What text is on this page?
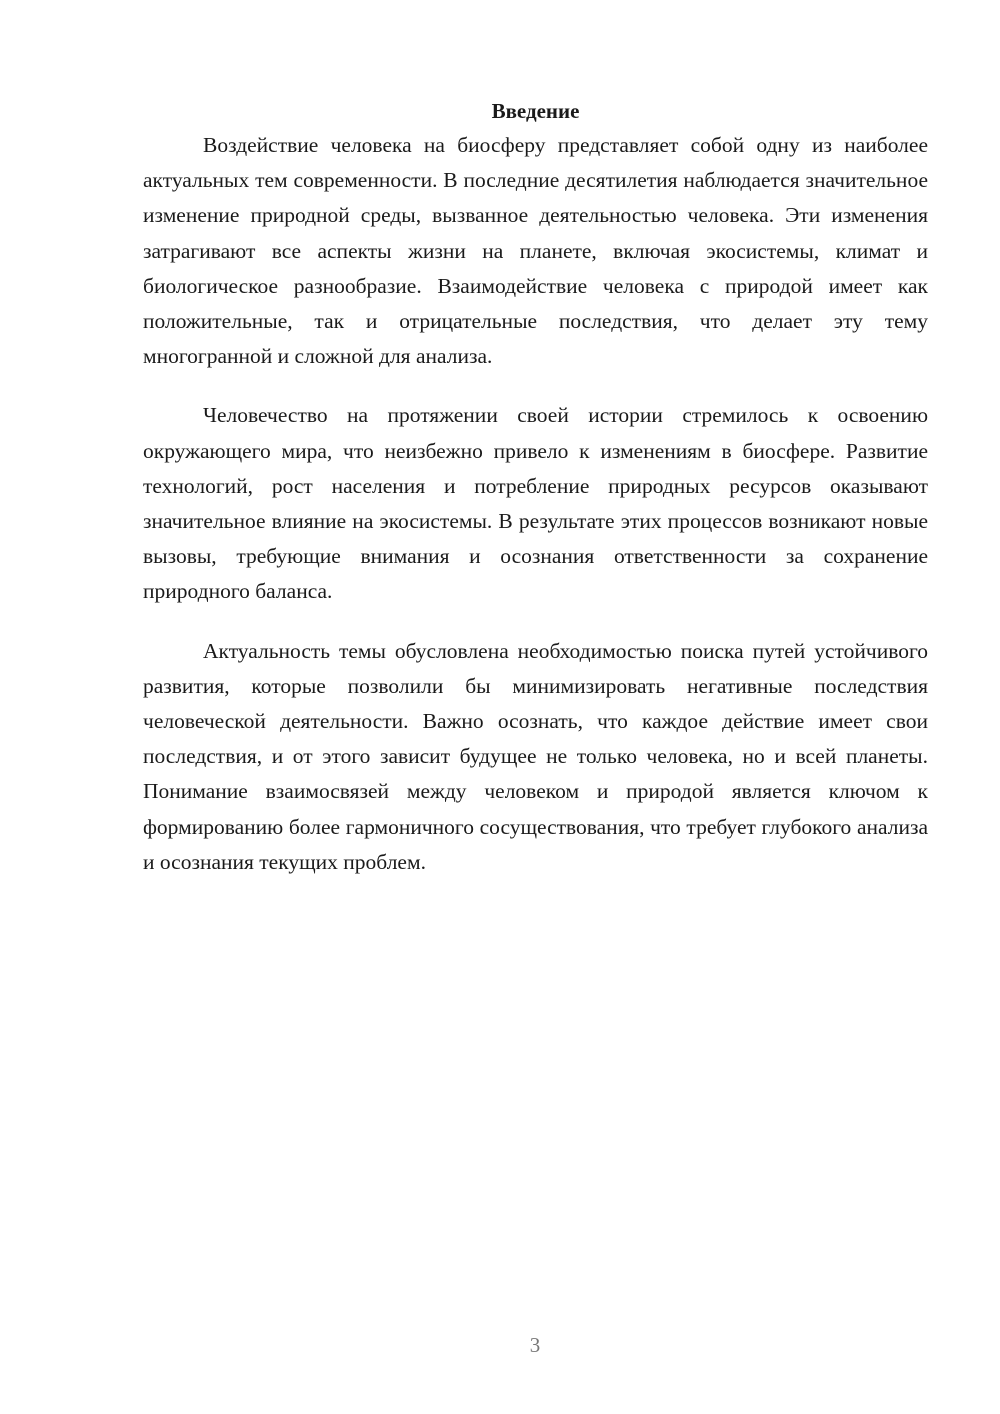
Введение

Воздействие человека на биосферу представляет собой одну из наиболее актуальных тем современности. В последние десятилетия наблюдается значительное изменение природной среды, вызванное деятельностью человека. Эти изменения затрагивают все аспекты жизни на планете, включая экосистемы, климат и биологическое разнообразие. Взаимодействие человека с природой имеет как положительные, так и отрицательные последствия, что делает эту тему многогранной и сложной для анализа.

Человечество на протяжении своей истории стремилось к освоению окружающего мира, что неизбежно привело к изменениям в биосфере. Развитие технологий, рост населения и потребление природных ресурсов оказывают значительное влияние на экосистемы. В результате этих процессов возникают новые вызовы, требующие внимания и осознания ответственности за сохранение природного баланса.

Актуальность темы обусловлена необходимостью поиска путей устойчивого развития, которые позволили бы минимизировать негативные последствия человеческой деятельности. Важно осознать, что каждое действие имеет свои последствия, и от этого зависит будущее не только человека, но и всей планеты. Понимание взаимосвязей между человеком и природой является ключом к формированию более гармоничного сосуществования, что требует глубокого анализа и осознания текущих проблем.

3
